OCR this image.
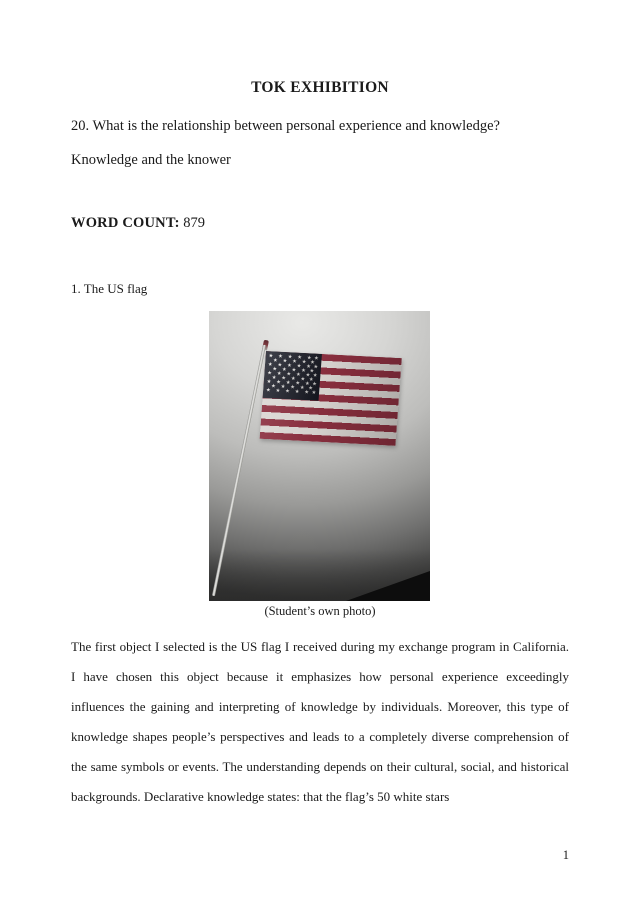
TOK EXHIBITION
20. What is the relationship between personal experience and knowledge?
Knowledge and the knower
WORD COUNT: 879
1. The US flag
(Student’s own photo)

The first object I selected is the US flag I received during my exchange program in California. I have chosen this object because it emphasizes how personal experience exceedingly influences the gaining and interpreting of knowledge by individuals. Moreover, this type of knowledge shapes people’s perspectives and leads to a completely diverse comprehension of the same symbols or events. The understanding depends on their cultural, social, and historical backgrounds. Declarative knowledge states: that the flag’s 50 white stars

1
